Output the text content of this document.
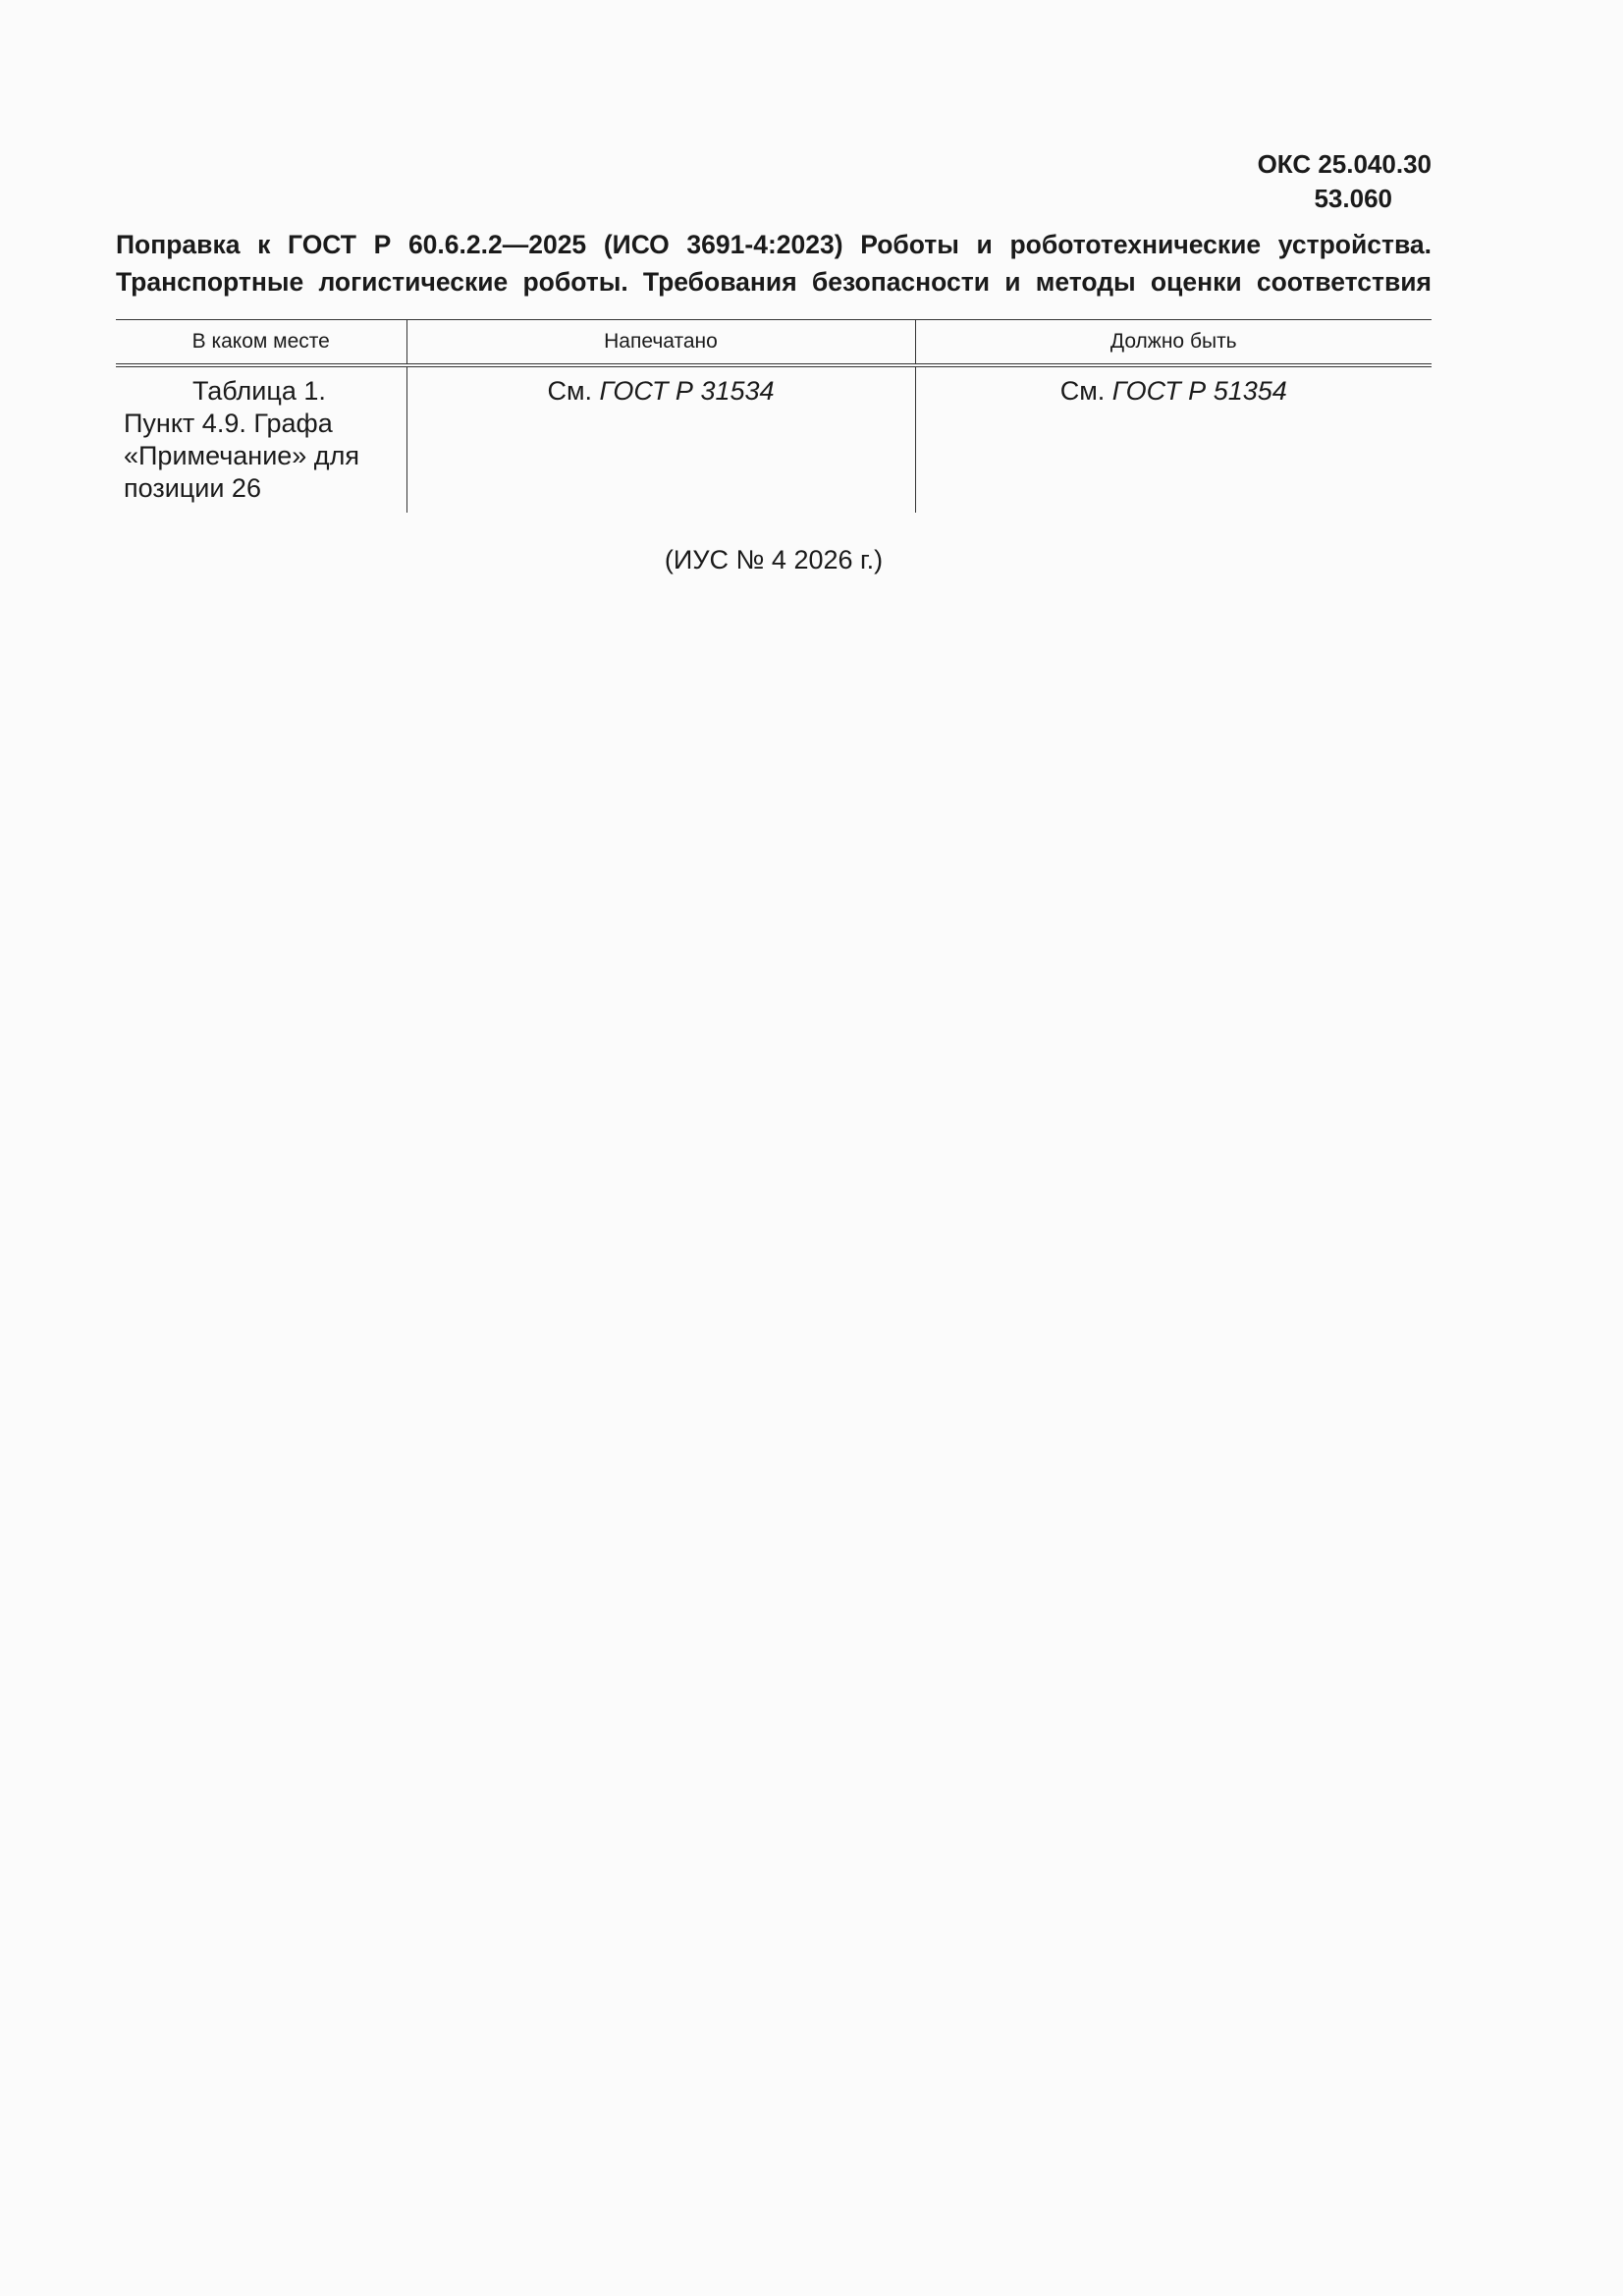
ОКС 25.040.30
53.060
Поправка к ГОСТ Р 60.6.2.2—2025 (ИСО 3691-4:2023) Роботы и робототехнические устройства.
Транспортные логистические роботы. Требования безопасности и методы оценки соответствия
В каком месте	Напечатано	Должно быть

Таблица 1.
Пункт 4.9. Графа
«Примечание» для
позиции 26	См. ГОСТ Р 31534	См. ГОСТ Р 51354
(ИУС № 4 2026 г.)
